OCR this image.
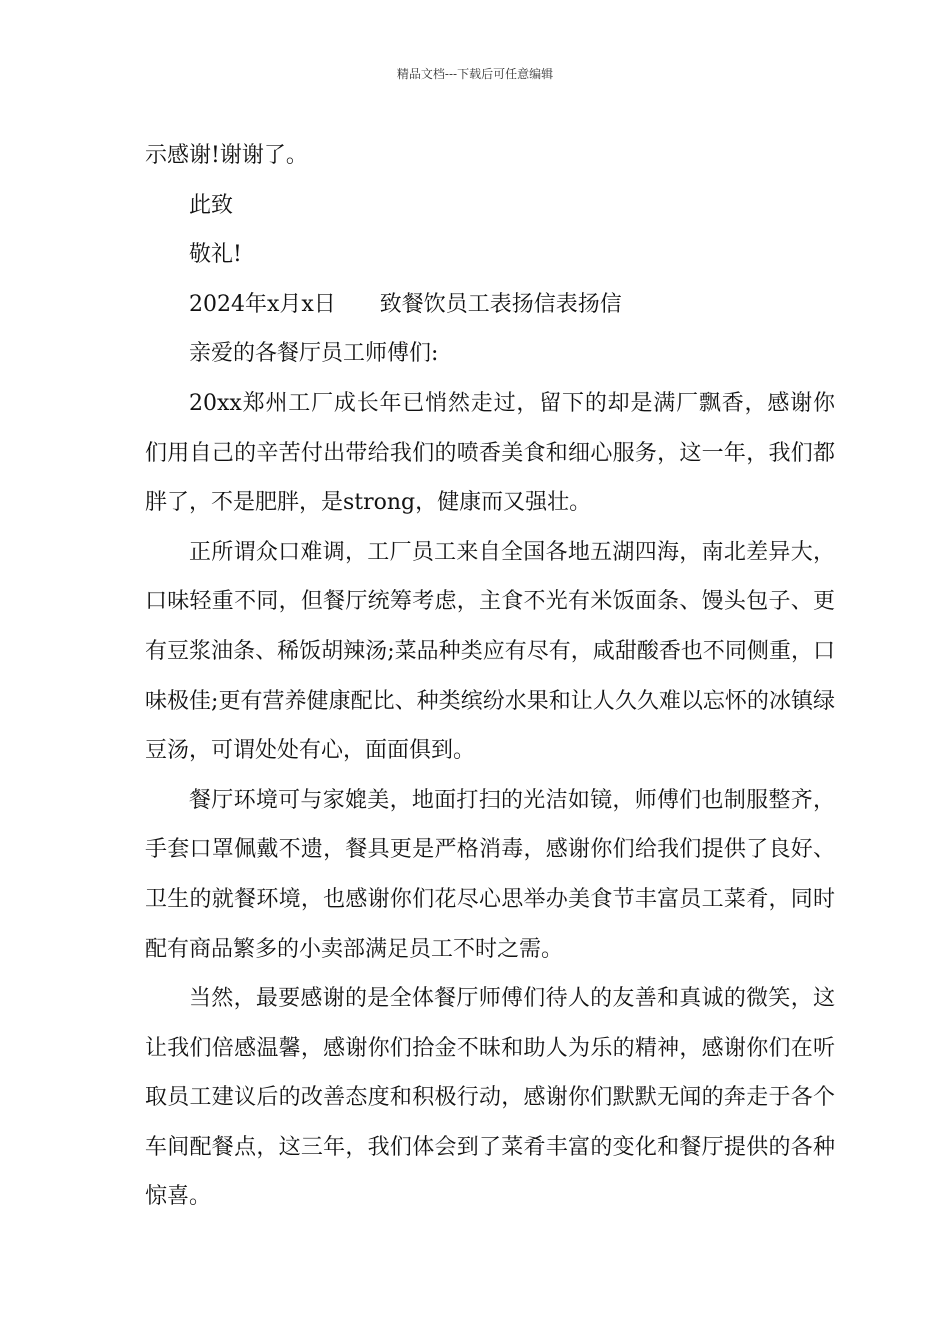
精品文档---下载后可任意编辑

示感谢!谢谢了。

此致

敬礼!

2024年x月x日　　致餐饮员工表扬信表扬信

亲爱的各餐厅员工师傅们:

20xx郑州工厂成长年已悄然走过，留下的却是满厂飘香，感谢你们用自己的辛苦付出带给我们的喷香美食和细心服务，这一年，我们都胖了，不是肥胖，是strong，健康而又强壮。

正所谓众口难调，工厂员工来自全国各地五湖四海，南北差异大，口味轻重不同，但餐厅统筹考虑，主食不光有米饭面条、馒头包子、更有豆浆油条、稀饭胡辣汤;菜品种类应有尽有，咸甜酸香也不同侧重，口味极佳;更有营养健康配比、种类缤纷水果和让人久久难以忘怀的冰镇绿豆汤，可谓处处有心，面面俱到。

餐厅环境可与家媲美，地面打扫的光洁如镜，师傅们也制服整齐，手套口罩佩戴不遗，餐具更是严格消毒，感谢你们给我们提供了良好、卫生的就餐环境，也感谢你们花尽心思举办美食节丰富员工菜肴，同时配有商品繁多的小卖部满足员工不时之需。

当然，最要感谢的是全体餐厅师傅们待人的友善和真诚的微笑，这让我们倍感温馨，感谢你们拾金不昧和助人为乐的精神，感谢你们在听取员工建议后的改善态度和积极行动，感谢你们默默无闻的奔走于各个车间配餐点，这三年，我们体会到了菜肴丰富的变化和餐厅提供的各种惊喜。
